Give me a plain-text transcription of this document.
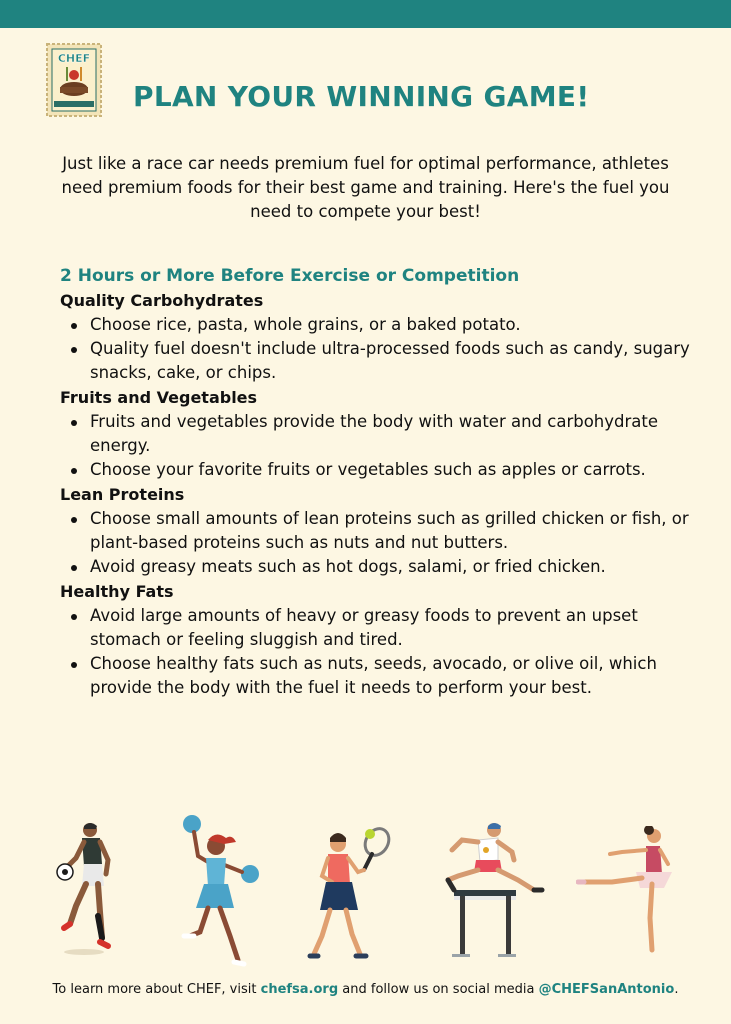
CHEF
PLAN YOUR WINNING GAME!
Just like a race car needs premium fuel for optimal performance, athletes need premium foods for their best game and training. Here's the fuel you need to compete your best!
2 Hours or More Before Exercise or Competition
Quality Carbohydrates
Choose rice, pasta, whole grains, or a baked potato.
Quality fuel doesn't include ultra-processed foods such as candy, sugary snacks, cake, or chips.
Fruits and Vegetables
Fruits and vegetables provide the body with water and carbohydrate energy.
Choose your favorite fruits or vegetables such as apples or carrots.
Lean Proteins
Choose small amounts of lean proteins such as grilled chicken or fish, or plant-based proteins such as nuts and nut butters.
Avoid greasy meats such as hot dogs, salami, or fried chicken.
Healthy Fats
Avoid large amounts of heavy or greasy foods to prevent an upset stomach or feeling sluggish and tired.
Choose healthy fats such as nuts, seeds, avocado, or olive oil, which provide the body with the fuel it needs to perform your best.
To learn more about CHEF, visit chefsa.org and follow us on social media @CHEFSanAntonio.
